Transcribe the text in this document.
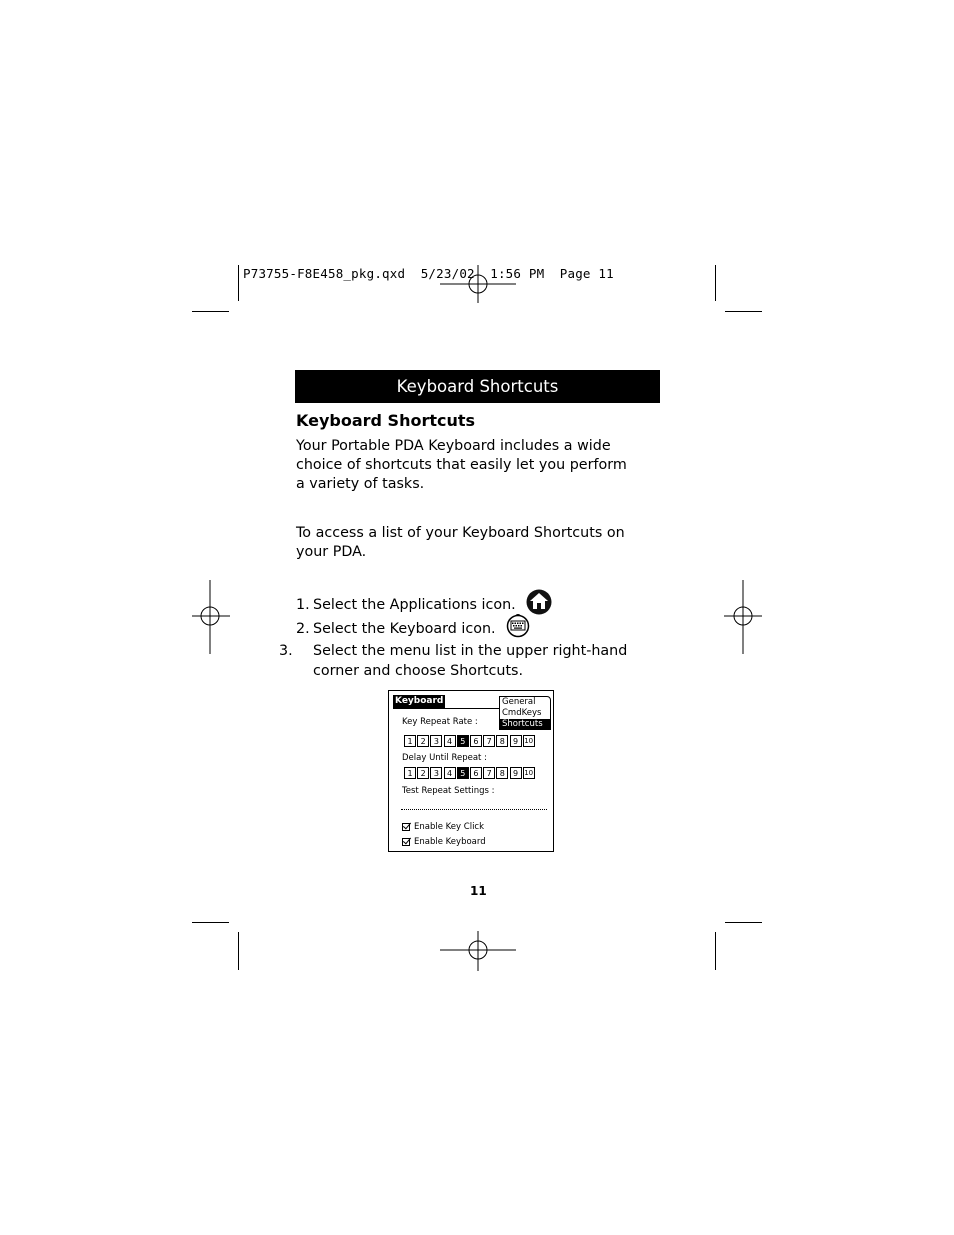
P73755-F8E458_pkg.qxd  5/23/02  1:56 PM  Page 11
Keyboard Shortcuts
Keyboard Shortcuts
Your Portable PDA Keyboard includes a wide choice of shortcuts that easily let you perform a variety of tasks.
To access a list of your Keyboard Shortcuts on your PDA.
1. Select the Applications icon.
2. Select the Keyboard icon.
3. Select the menu list in the upper right-hand corner and choose Shortcuts.
Keyboard	General
CmdKeys
Shortcuts
Key Repeat Rate :
1	2	3	4	5	6	7	8	9 10
Delay Until Repeat :
1	2	3	4	5	6	7	8	9 10
Test Repeat Settings :
Enable Key Click
Enable Keyboard
11
